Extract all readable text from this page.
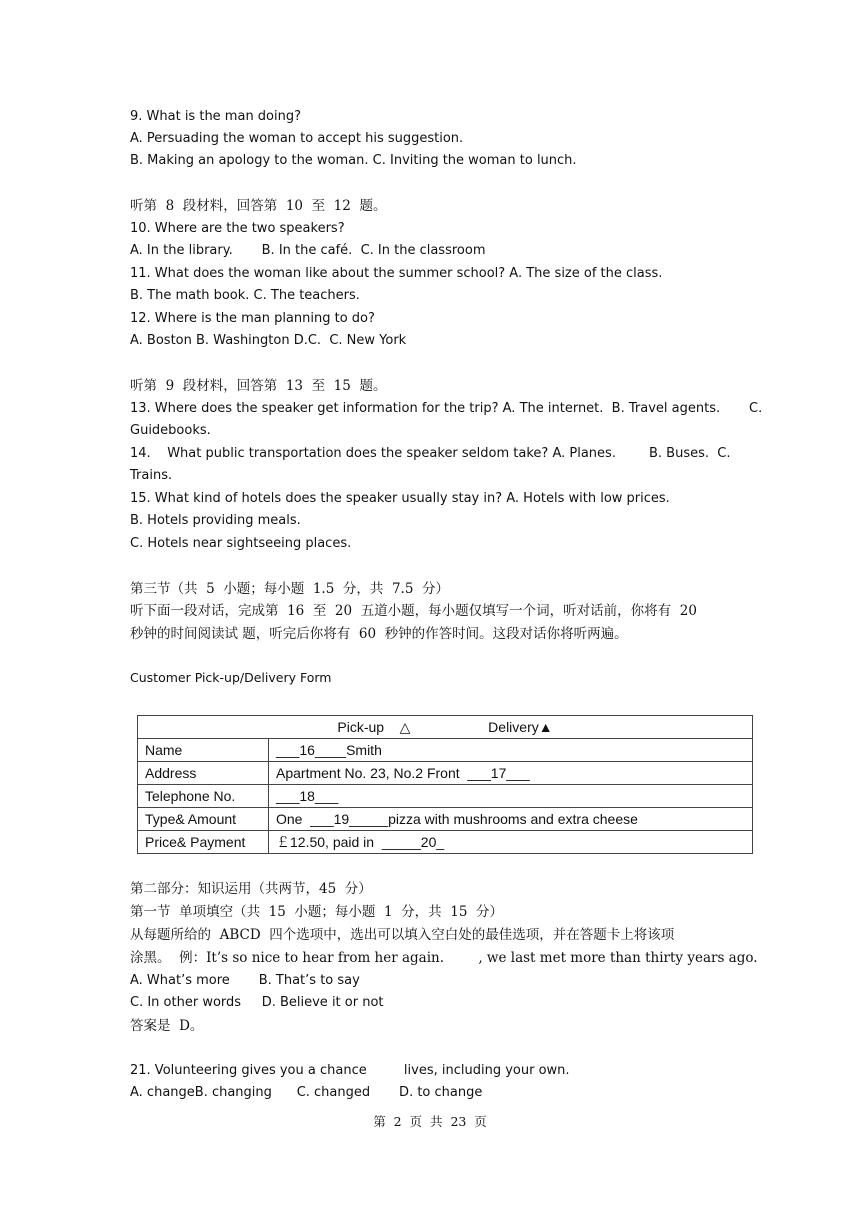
9. What is the man doing?
A. Persuading the woman to accept his suggestion.
B. Making an apology to the woman. C. Inviting the woman to lunch.
听第  8  段材料，回答第  10  至  12  题。
10. Where are the two speakers?
A. In the library.       B. In the café.  C. In the classroom
11. What does the woman like about the summer school? A. The size of the class.
B. The math book. C. The teachers.
12. Where is the man planning to do?
A. Boston B. Washington D.C.  C. New York
听第  9  段材料，回答第  13  至  15  题。
13. Where does the speaker get information for the trip? A. The internet.  B. Travel agents.       C.
Guidebooks.
14.    What public transportation does the speaker seldom take? A. Planes.        B. Buses.  C.
Trains.
15. What kind of hotels does the speaker usually stay in? A. Hotels with low prices.
B. Hotels providing meals.
C. Hotels near sightseeing places.
第三节（共  5  小题；每小题  1.5  分，共  7.5  分）
听下面一段对话，完成第  16  至  20  五道小题，每小题仅填写一个词，听对话前，你将有  20
秒钟的时间阅读试 题，听完后你将有  60  秒钟的作答时间。这段对话你将听两遍。
第二部分：知识运用（共两节，45  分）
第一节  单项填空（共  15  小题；每小题  1  分，共  15  分）
从每题所给的  ABCD  四个选项中，选出可以填入空白处的最佳选项，并在答题卡上将该项
涂黑。  例：It’s so nice to hear from her again.        , we last met more than thirty years ago.
A. What’s more       B. That’s to say
C. In other words     D. Believe it or not
答案是  D。
21. Volunteering gives you a chance         lives, including your own.
A. changeB. changing      C. changed       D. to change
Customer Pick-up/Delivery Form
Pick-up    △                    Delivery▲	
Name	___16____Smith
Address	Apartment No. 23, No.2 Front  ___17___
Telephone No.	___18___
Type& Amount	One  ___19_____pizza with mushrooms and extra cheese
Price& Payment	￡12.50, paid in  _____20_
第  2  页  共  23  页
